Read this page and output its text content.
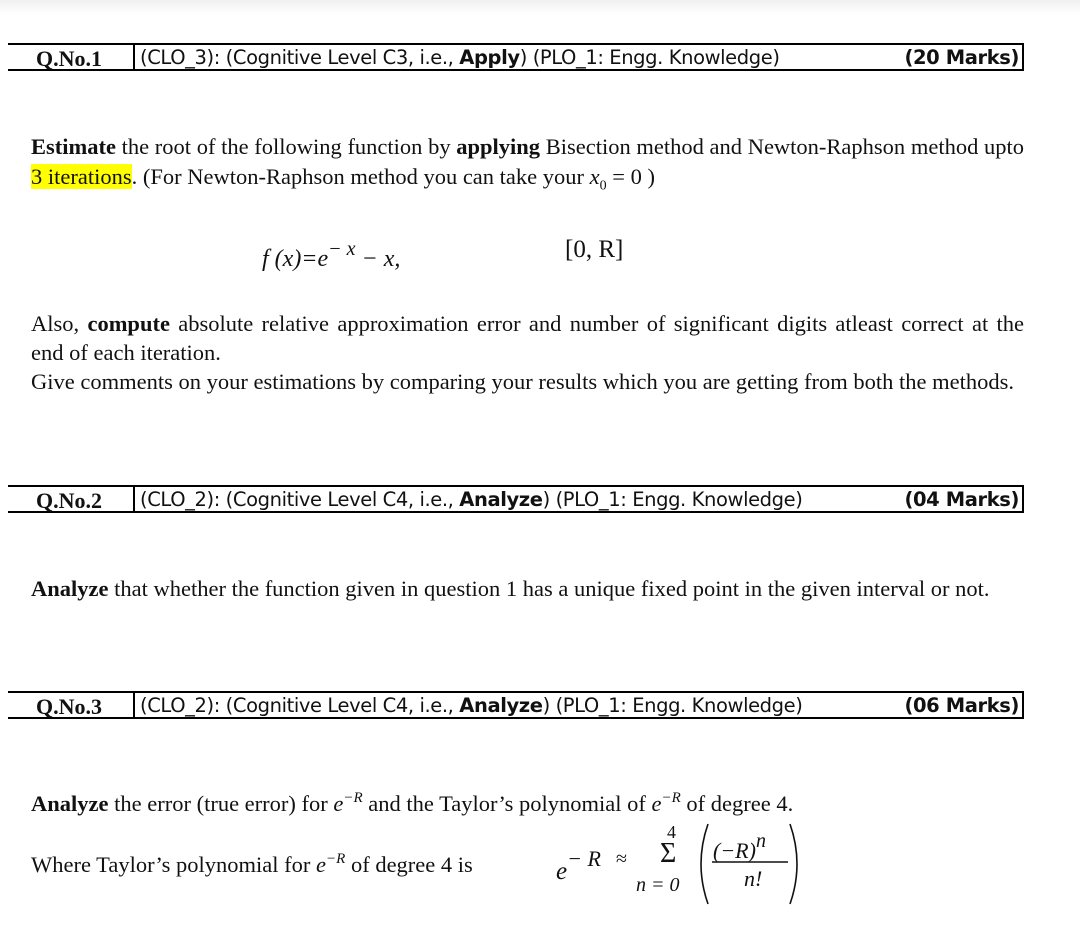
Q.No.1	(CLO_3): (Cognitive Level C3, i.e., Apply) (PLO_1: Engg. Knowledge)	(20 Marks)
Estimate the root of the following function by applying Bisection method and Newton-Raphson method upto 3 iterations. (For Newton-Raphson method you can take your $x_0 = 0$ )
f $(x)=e^{- x} - x$,	[0, R]
Also, compute absolute relative approximation error and number of significant digits atleast correct at the end of each iteration.
Give comments on your estimations by comparing your results which you are getting from both the methods.
Q.No.2	(CLO_2): (Cognitive Level C4, i.e., Analyze) (PLO_1: Engg. Knowledge)	(04 Marks)
Analyze that whether the function given in question 1 has a unique fixed point in the given interval or not.
Q.No.3	(CLO_2): (Cognitive Level C4, i.e., Analyze) (PLO_1: Engg. Knowledge)	(06 Marks)
Analyze the error (true error) for $e^{-R}$ and the Taylor’s polynomial of $e^{-R}$ of degree 4.
Where Taylor’s polynomial for $e^{-R}$ of degree 4 is	e− R ≈
4
Σ
n = 0
(−R)n
n!
